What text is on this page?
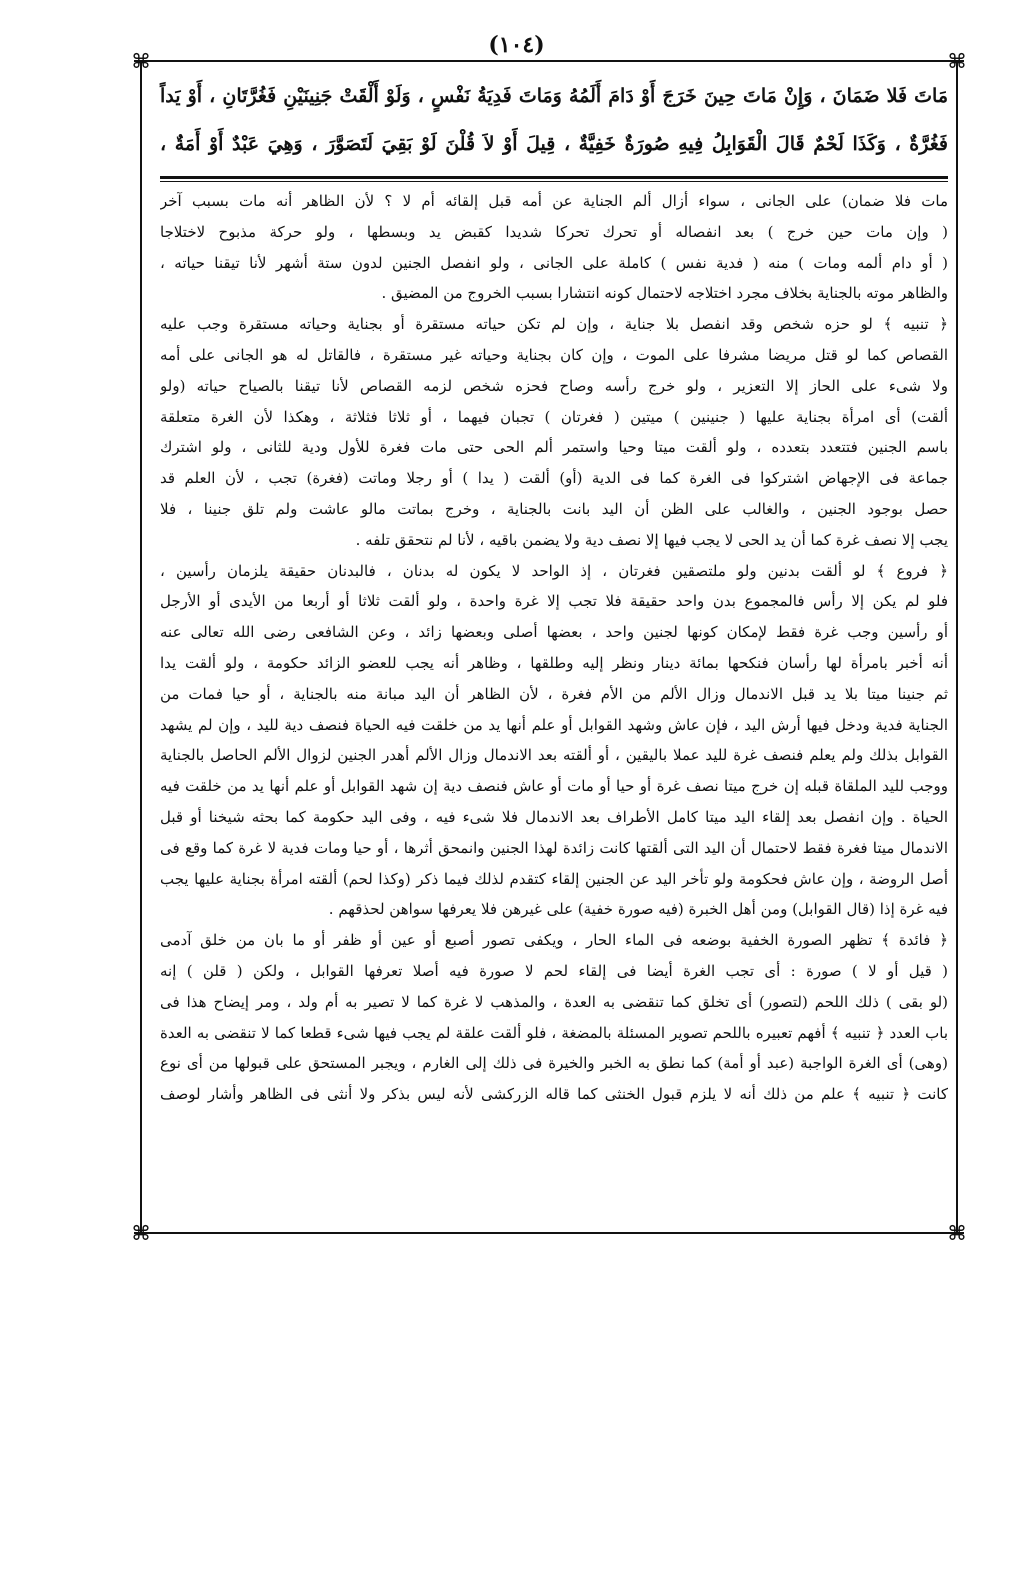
(١٠٤)
⌘	⌘
⌘	⌘

مَاتَ فَلا ضَمَانَ ، وَإِنْ مَاتَ حِينَ خَرَجَ أَوْ دَامَ أَلَمُهُ وَمَاتَ فَدِيَةُ نَفْسٍ ، وَلَوْ أَلْقَتْ جَنِينَيْنِ فَغُرَّتَانِ ، أَوْ يَداً

فَغُرَّةٌ ، وَكَذَا لَحْمٌ قَالَ الْقَوَابِلُ فِيهِ صُورَةٌ خَفِيَّةٌ ، قِيلَ أَوْ لاَ قُلْنَ لَوْ بَقِيَ لَتَصَوَّرَ ، وَهِيَ عَبْدٌ أَوْ أَمَةٌ ،

مات فلا ضمان) على الجانى ، سواء أزال ألم الجناية عن أمه قبل إلقائه أم لا ؟ لأن الظاهر أنه مات بسبب آخر

( وإن مات حين خرج ) بعد انفصاله أو تحرك تحركا شديدا كقبض يد وبسطها ، ولو حركة مذبوح لاختلاجا

( أو دام ألمه ومات ) منه ( فدية نفس ) كاملة على الجانى ، ولو انفصل الجنين لدون ستة أشهر لأنا تيقنا حياته ،

والظاهر موته بالجناية بخلاف مجرد اختلاجه لاحتمال كونه انتشارا بسبب الخروج من المضيق .

﴿ تنبيه ﴾ لو حزه شخص وقد انفصل بلا جناية ، وإن لم تكن حياته مستقرة أو بجناية وحياته مستقرة وجب عليه

القصاص كما لو قتل مريضا مشرفا على الموت ، وإن كان بجناية وحياته غير مستقرة ، فالقاتل له هو الجانى على أمه

ولا شىء على الحاز إلا التعزير ، ولو خرج رأسه وصاح فحزه شخص لزمه القصاص لأنا تيقنا بالصياح حياته (ولو

ألقت) أى امرأة بجناية عليها ( جنينين ) ميتين ( فغرتان ) تجبان فيهما ، أو ثلاثا فثلاثة ، وهكذا لأن الغرة متعلقة

باسم الجنين فتتعدد بتعدده ، ولو ألقت ميتا وحيا واستمر ألم الحى حتى مات فغرة للأول ودية للثانى ، ولو اشترك

جماعة فى الإجهاض اشتركوا فى الغرة كما فى الدية (أو) ألقت ( يدا ) أو رجلا وماتت (فغرة) تجب ، لأن العلم قد

حصل بوجود الجنين ، والغالب على الظن أن اليد بانت بالجناية ، وخرج بماتت مالو عاشت ولم تلق جنينا ، فلا

يجب إلا نصف غرة كما أن يد الحى لا يجب فيها إلا نصف دية ولا يضمن باقيه ، لأنا لم نتحقق تلفه .

﴿ فروع ﴾ لو ألقت بدنين ولو ملتصقين فغرتان ، إذ الواحد لا يكون له بدنان ، فالبدنان حقيقة يلزمان رأسين ،

فلو لم يكن إلا رأس فالمجموع بدن واحد حقيقة فلا تجب إلا غرة واحدة ، ولو ألقت ثلاثا أو أربعا من الأيدى أو الأرجل

أو رأسين وجب غرة فقط لإمكان كونها لجنين واحد ، بعضها أصلى وبعضها زائد ، وعن الشافعى رضى الله تعالى عنه

أنه أخبر بامرأة لها رأسان فنكحها بمائة دينار ونظر إليه وطلقها ، وظاهر أنه يجب للعضو الزائد حكومة ، ولو ألقت يدا

ثم جنينا ميتا بلا يد قبل الاندمال وزال الألم من الأم فغرة ، لأن الظاهر أن اليد مبانة منه بالجناية ، أو حيا فمات من

الجناية فدية ودخل فيها أرش اليد ، فإن عاش وشهد القوابل أو علم أنها يد من خلقت فيه الحياة فنصف دية لليد ، وإن لم يشهد

القوابل بذلك ولم يعلم فنصف غرة لليد عملا باليقين ، أو ألقته بعد الاندمال وزال الألم أهدر الجنين لزوال الألم الحاصل بالجناية

ووجب لليد الملقاة قبله إن خرج ميتا نصف غرة أو حيا أو مات أو عاش فنصف دية إن شهد القوابل أو علم أنها يد من خلقت فيه

الحياة . وإن انفصل بعد إلقاء اليد ميتا كامل الأطراف بعد الاندمال فلا شىء فيه ، وفى اليد حكومة كما بحثه شيخنا أو قبل

الاندمال ميتا فغرة فقط لاحتمال أن اليد التى ألقتها كانت زائدة لهذا الجنين وانمحق أثرها ، أو حيا ومات فدية لا غرة كما وقع فى

أصل الروضة ، وإن عاش فحكومة ولو تأخر اليد عن الجنين إلقاء كتقدم لذلك فيما ذكر (وكذا لحم) ألقته امرأة بجناية عليها يجب

فيه غرة إذا (قال القوابل) ومن أهل الخبرة (فيه صورة خفية) على غيرهن فلا يعرفها سواهن لحذقهم .

﴿ فائدة ﴾ تظهر الصورة الخفية بوضعه فى الماء الحار ، ويكفى تصور أصبع أو عين أو ظفر أو ما بان من خلق آدمى

( قيل أو لا ) صورة : أى تجب الغرة أيضا فى إلقاء لحم لا صورة فيه أصلا تعرفها القوابل ، ولكن ( قلن ) إنه

(لو بقى ) ذلك اللحم (لتصور) أى تخلق كما تنقضى به العدة ، والمذهب لا غرة كما لا تصير به أم ولد ، ومر إيضاح هذا فى

باب العدد ﴿ تنبيه ﴾ أفهم تعبيره باللحم تصوير المسئلة بالمضغة ، فلو ألقت علقة لم يجب فيها شىء قطعا كما لا تنقضى به العدة

(وهى) أى الغرة الواجبة (عبد أو أمة) كما نطق به الخبر والخيرة فى ذلك إلى الغارم ، ويجبر المستحق على قبولها من أى نوع

كانت ﴿ تنبيه ﴾ علم من ذلك أنه لا يلزم قبول الخنثى كما قاله الزركشى لأنه ليس بذكر ولا أنثى فى الظاهر وأشار لوصف
